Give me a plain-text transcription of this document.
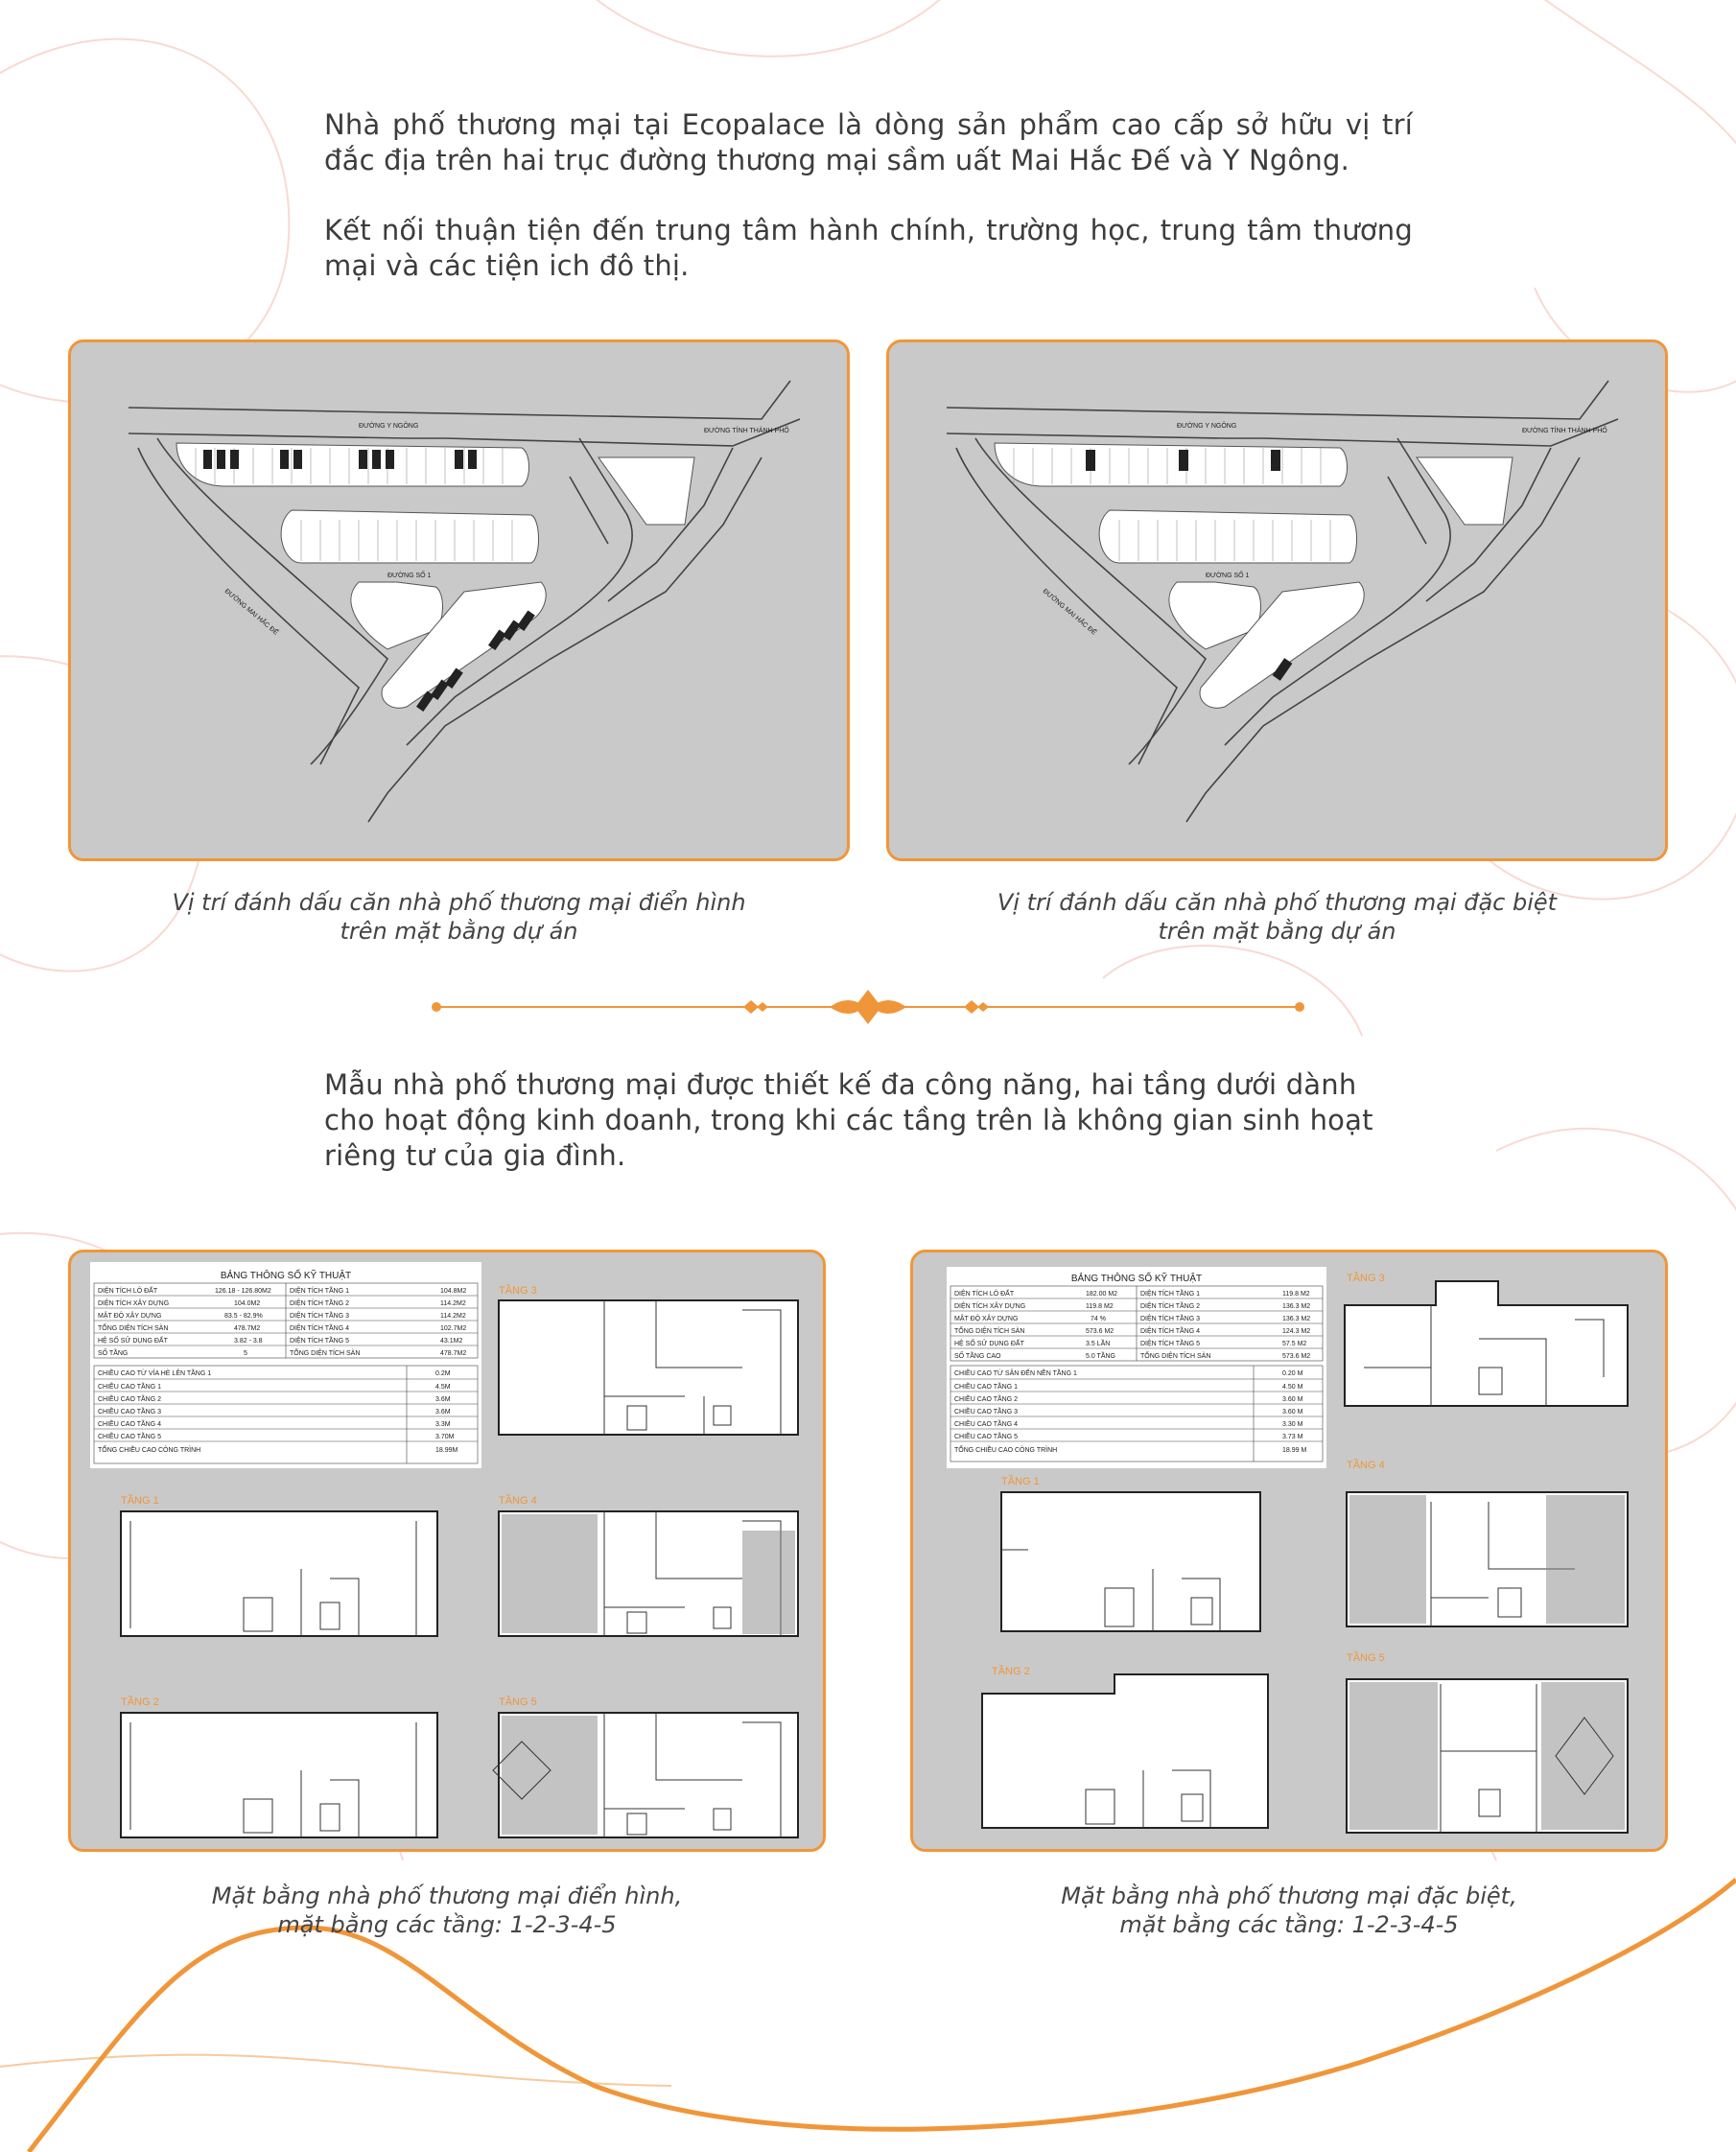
Nhà phố thương mại tại Ecopalace là dòng sản phẩm cao cấp sở hữu vị trí đắc địa trên hai trục đường thương mại sầm uất Mai Hắc Đế và Y Ngông.

Kết nối thuận tiện đến trung tâm hành chính, trường học, trung tâm thương mại và các tiện ich đô thị.

ĐƯỜNG Y NGÔNG
ĐƯỜNG TỈNH THÀNH PHỐ
ĐƯỜNG SỐ 1
ĐƯỜNG MAI HẮC ĐẾ
ĐƯỜNG Y NGÔNG
ĐƯỜNG TỈNH THÀNH PHỐ
ĐƯỜNG SỐ 1
ĐƯỜNG MAI HẮC ĐẾ
Vị trí đánh dấu căn nhà phố thương mại điển hình
trên mặt bằng dự án
Vị trí đánh dấu căn nhà phố thương mại đặc biệt
trên mặt bằng dự án

Mẫu nhà phố thương mại được thiết kế đa công năng, hai tầng dưới dành cho hoạt động kinh doanh, trong khi các tầng trên là không gian sinh hoạt riêng tư của gia đình.

BẢNG THÔNG SỐ KỸ THUẬT
DIỆN TÍCH LÔ ĐẤT	126.18 - 126.80M2	DIỆN TÍCH TẦNG 1	104.8M2
DIỆN TÍCH XÂY DỰNG	104.0M2	DIỆN TÍCH TẦNG 2	114.2M2
MẬT ĐỘ XÂY DỰNG	83.5 - 82.9%	DIỆN TÍCH TẦNG 3	114.2M2
TỔNG DIỆN TÍCH SÀN	478.7M2	DIỆN TÍCH TẦNG 4	102.7M2
HỆ SỐ SỬ DỤNG ĐẤT	3.82 - 3.8	DIỆN TÍCH TẦNG 5	43.1M2
SỐ TẦNG	5	TỔNG DIỆN TÍCH SÀN	478.7M2
CHIỀU CAO TỪ VỈA HÈ LÊN TẦNG 1	0.2M
CHIỀU CAO TẦNG 1	4.5M
CHIỀU CAO TẦNG 2	3.6M
CHIỀU CAO TẦNG 3	3.6M
CHIỀU CAO TẦNG 4	3.3M
CHIỀU CAO TẦNG 5	3.70M
TỔNG CHIỀU CAO CÔNG TRÌNH	18.99M
TẦNG 3
TẦNG 1	TẦNG 4
TẦNG 2	TẦNG 5
BẢNG THÔNG SỐ KỸ THUẬT
DIỆN TÍCH LÔ ĐẤT	182.00 M2	DIỆN TÍCH TẦNG 1	119.8 M2
DIỆN TÍCH XÂY DỰNG	119.8 M2	DIỆN TÍCH TẦNG 2	136.3 M2
MẬT ĐỘ XÂY DỰNG	74 %	DIỆN TÍCH TẦNG 3	136.3 M2
TỔNG DIỆN TÍCH SÀN	573.6 M2	DIỆN TÍCH TẦNG 4	124.3 M2
HỆ SỐ SỬ DỤNG ĐẤT	3.5 LẦN	DIỆN TÍCH TẦNG 5	57.5 M2
SỐ TẦNG CAO	5.0 TẦNG	TỔNG DIỆN TÍCH SÀN	573.6 M2
CHIỀU CAO TỪ SÂN ĐẾN NỀN TẦNG 1	0.20 M
CHIỀU CAO TẦNG 1	4.50 M
CHIỀU CAO TẦNG 2	3.60 M
CHIỀU CAO TẦNG 3	3.60 M
CHIỀU CAO TẦNG 4	3.30 M
CHIỀU CAO TẦNG 5	3.73 M
TỔNG CHIỀU CAO CÔNG TRÌNH	18.99 M
TẦNG 3
TẦNG 1
TẦNG 4
TẦNG 2
TẦNG 5
Mặt bằng nhà phố thương mại điển hình,
mặt bằng các tầng: 1-2-3-4-5
Mặt bằng nhà phố thương mại đặc biệt,
mặt bằng các tầng: 1-2-3-4-5
